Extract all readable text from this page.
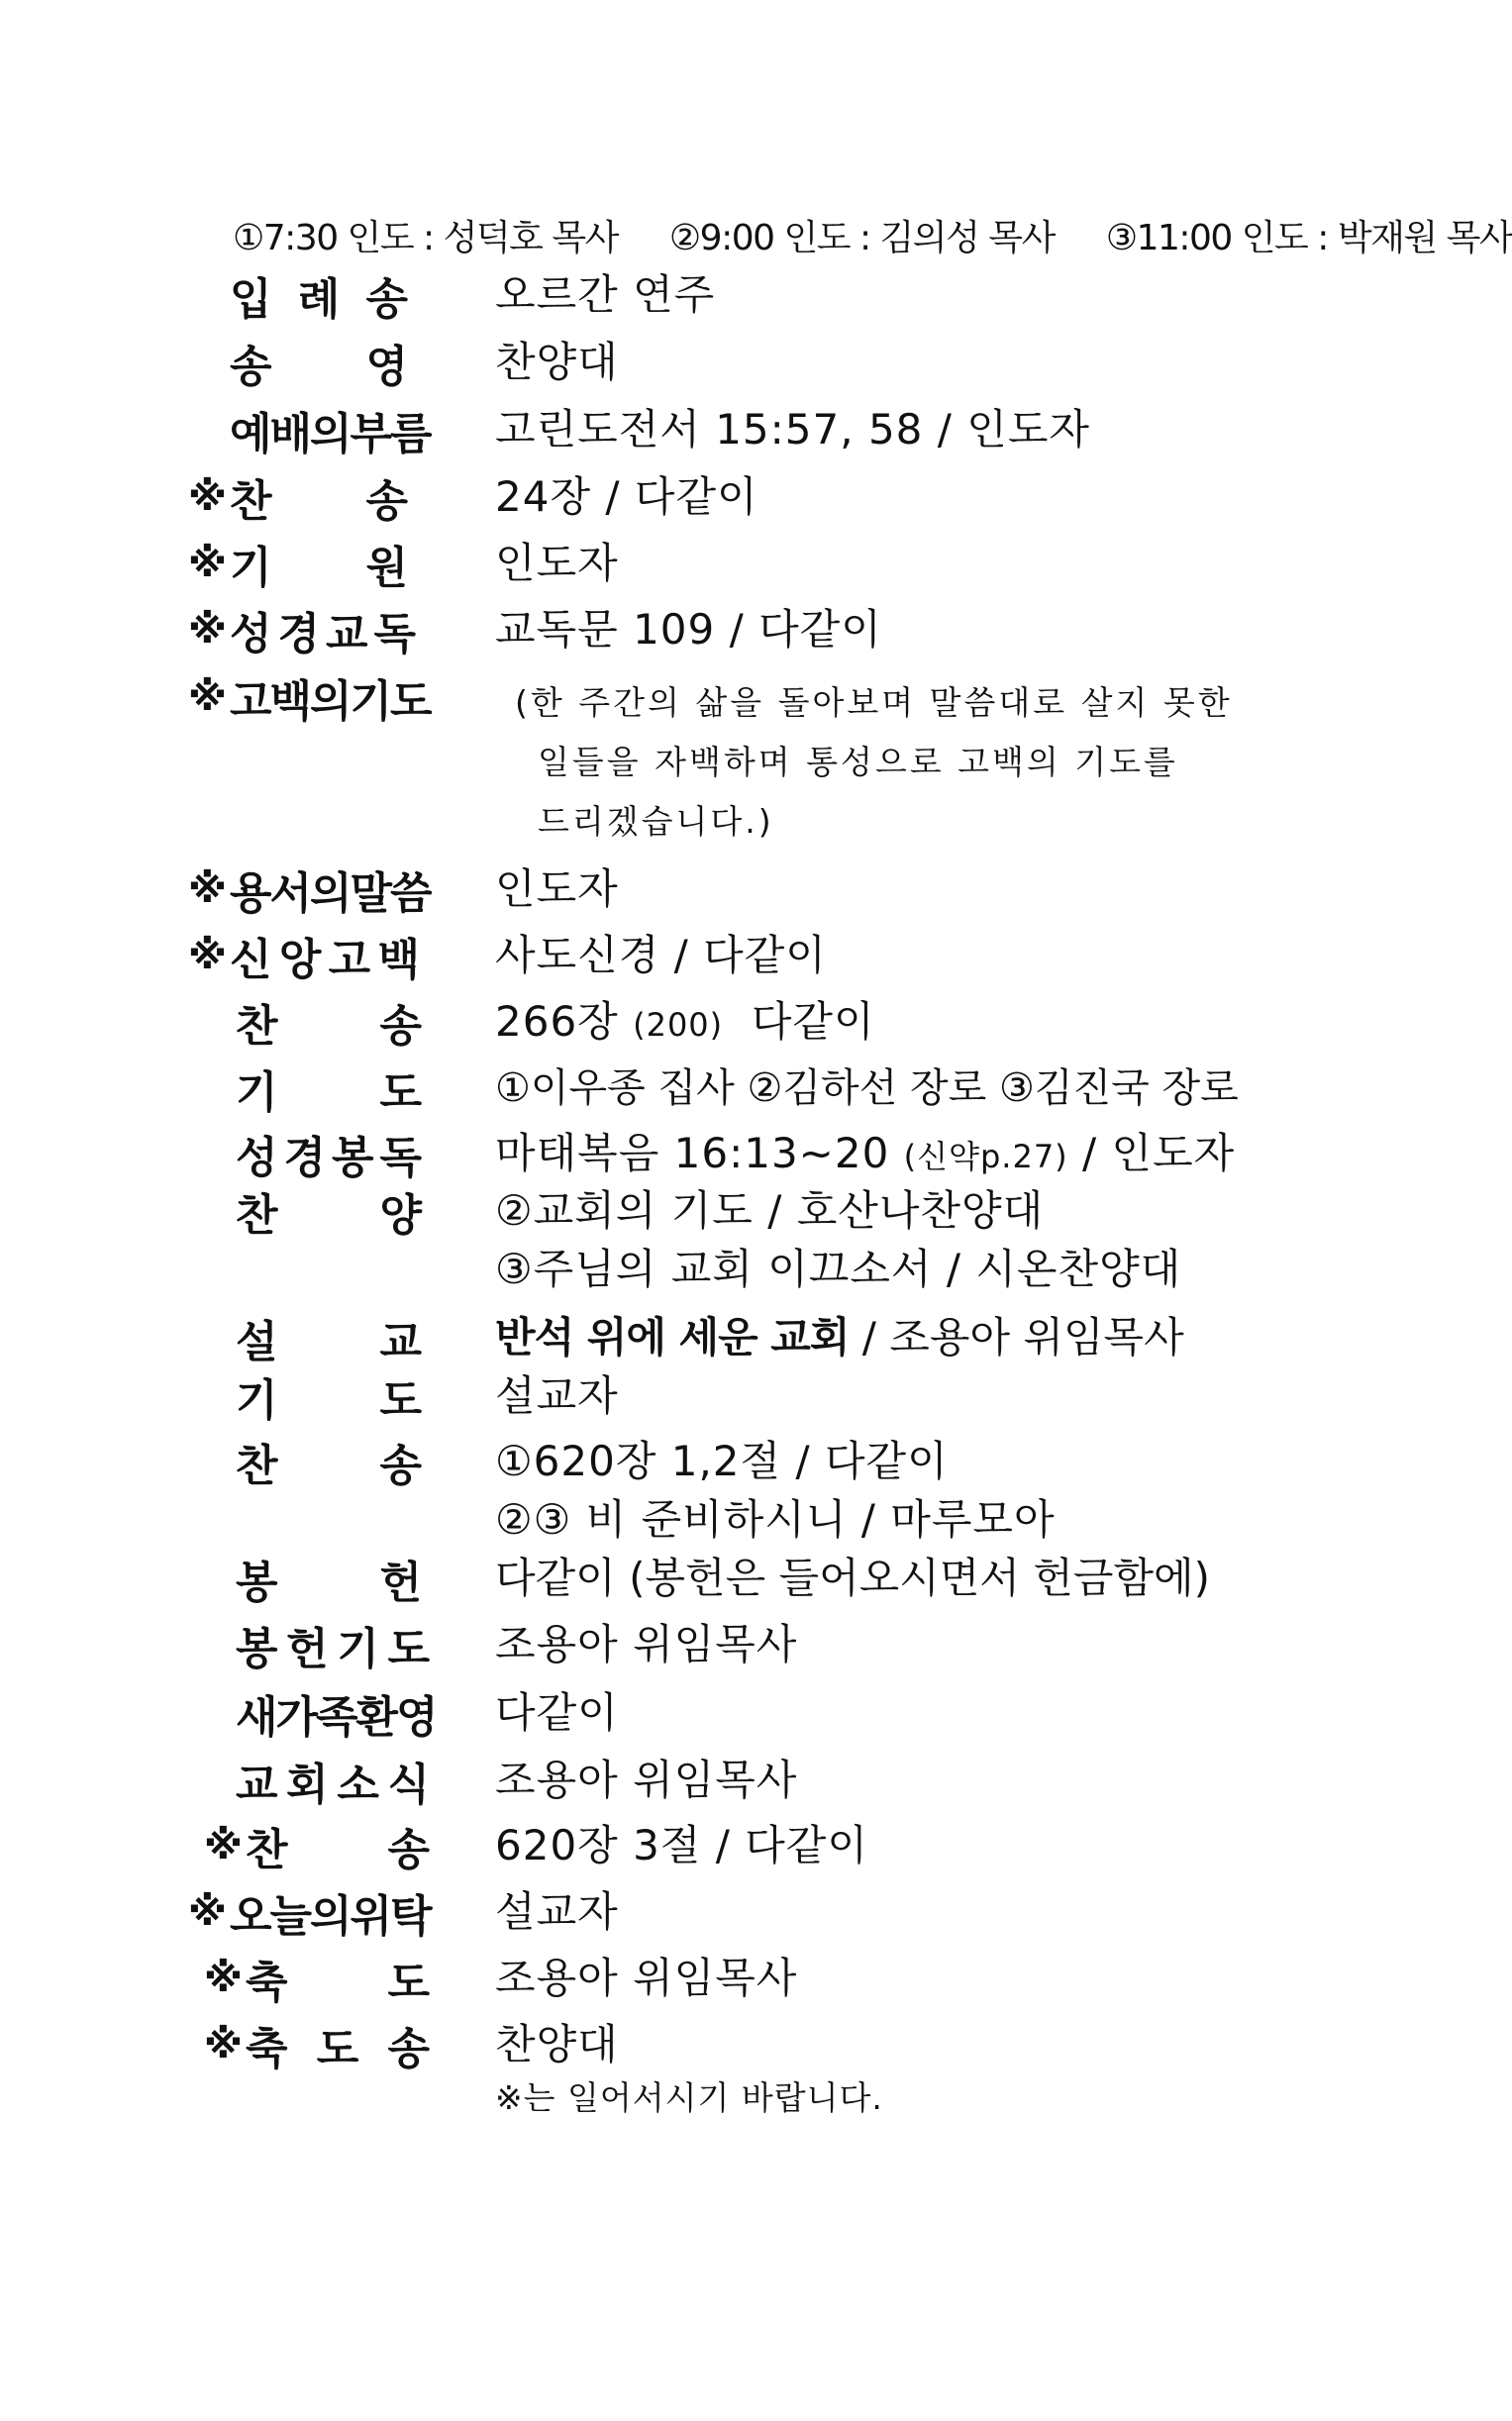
①7:30 인도 : 성덕호 목사 ②9:00 인도 : 김의성 목사 ③11:00 인도 : 박재원 목사
입 례 송 오르간 연주
송 영 찬양대
예배의부름 고린도전서 15:57, 58 / 인도자
※ 찬 송 24장 / 다같이
※ 기 원 인도자
※ 성 경 교 독 교독문 109 / 다같이
※ 고백의기도	(한 주간의 삶을 돌아보며 말씀대로 살지 못한
일들을 자백하며 통성으로 고백의 기도를
드리겠습니다.)
※ 용서의말씀 인도자
※ 신 앙 고 백 사도신경 / 다같이
찬 송 266장 (200)  다같이
기 도 ①이우종 집사 ②김하선 장로 ③김진국 장로
성 경 봉 독 마태복음 16:13~20 (신약p.27) / 인도자
찬 양 ②교회의 기도 / 호산나찬양대
③주님의 교회 이끄소서 / 시온찬양대
설 교 반석 위에 세운 교회 / 조용아 위임목사
기 도 설교자
찬 송 ①620장 1,2절 / 다같이
②③ 비 준비하시니 / 마루모아
봉 헌 다같이 (봉헌은 들어오시면서 헌금함에)
봉 헌 기 도 조용아 위임목사
새가족환영 다같이
교 회 소 식 조용아 위임목사
※ 찬 송 620장 3절 / 다같이
※ 오늘의위탁 설교자
※ 축 도 조용아 위임목사
※ 축 도 송 찬양대
※는 일어서시기 바랍니다.
